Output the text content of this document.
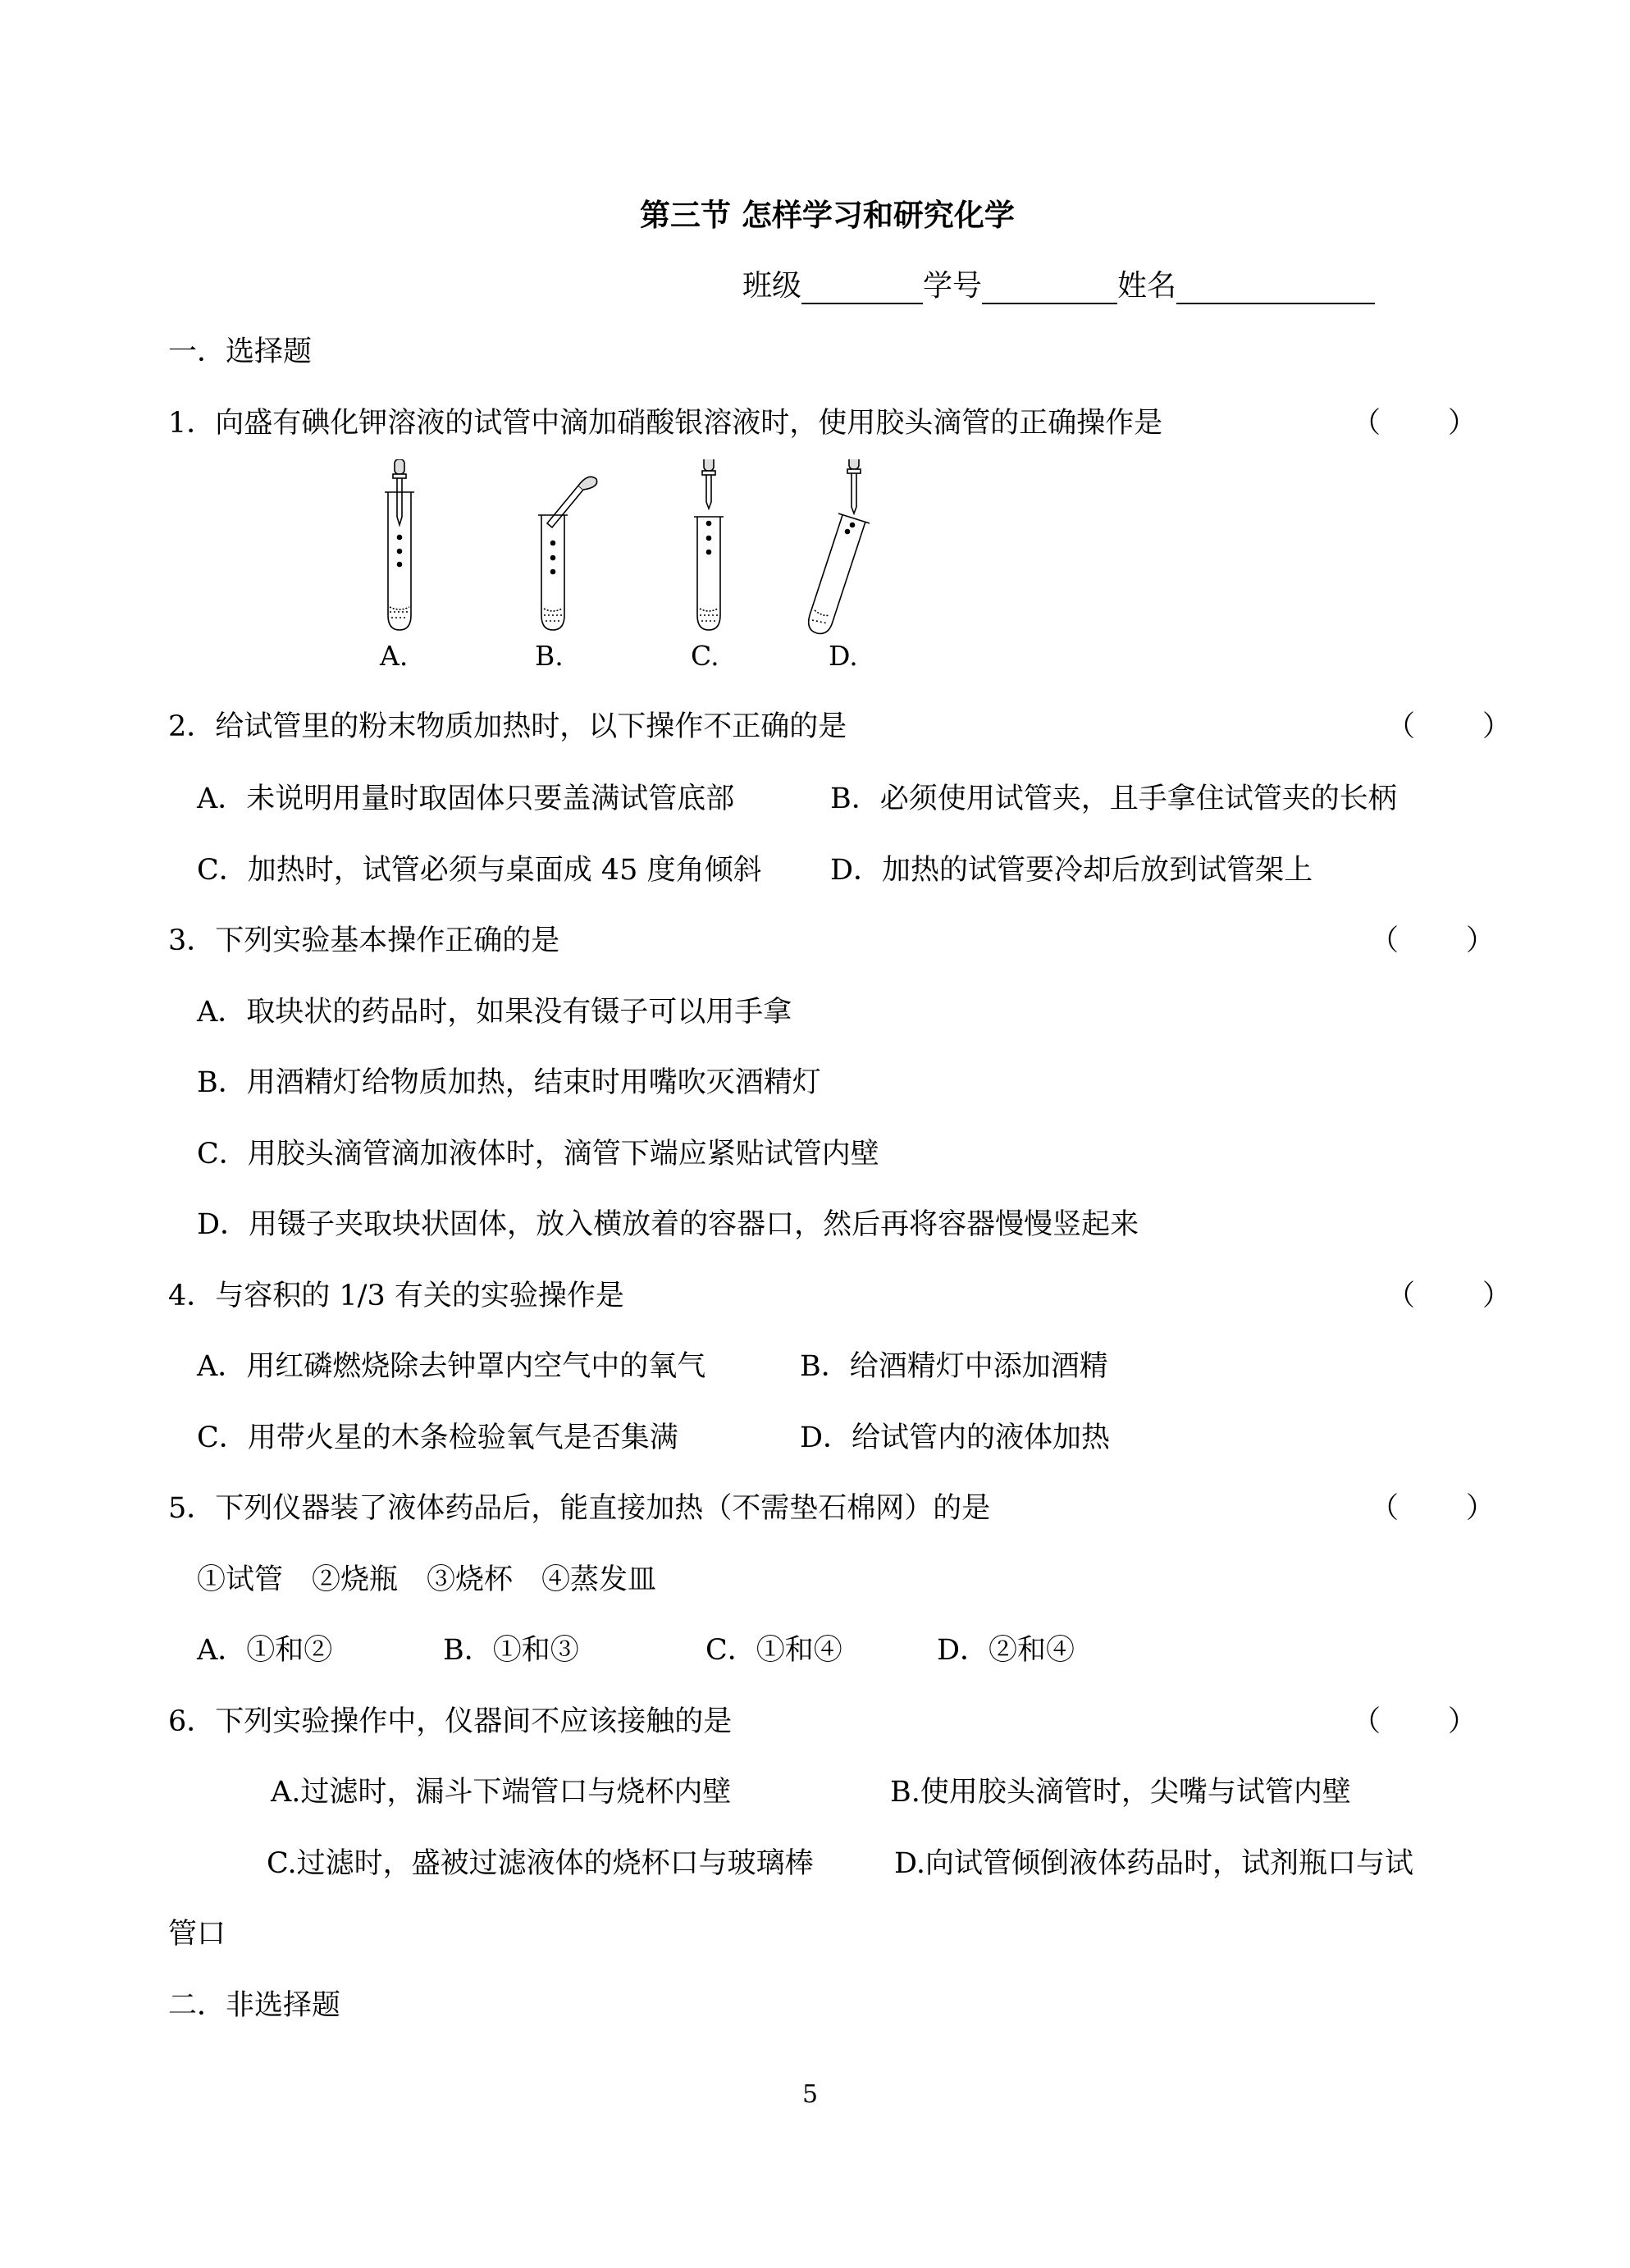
第三节 怎样学习和研究化学
班级	学号	姓名
一．选择题
1．向盛有碘化钾溶液的试管中滴加硝酸银溶液时，使用胶头滴管的正确操作是	（ ）
A.	B.	C.	D.
2．给试管里的粉末物质加热时，以下操作不正确的是	（ ）
A．未说明用量时取固体只要盖满试管底部	B．必须使用试管夹，且手拿住试管夹的长柄
C．加热时，试管必须与桌面成 45 度角倾斜 D．加热的试管要冷却后放到试管架上
3．下列实验基本操作正确的是	（ ）
A．取块状的药品时，如果没有镊子可以用手拿
B．用酒精灯给物质加热，结束时用嘴吹灭酒精灯
C．用胶头滴管滴加液体时，滴管下端应紧贴试管内壁
D．用镊子夹取块状固体，放入横放着的容器口，然后再将容器慢慢竖起来
4．与容积的 1/3 有关的实验操作是	（ ）
A．用红磷燃烧除去钟罩内空气中的氧气	B．给酒精灯中添加酒精
C．用带火星的木条检验氧气是否集满	D．给试管内的液体加热
5．下列仪器装了液体药品后，能直接加热（不需垫石棉网）的是	（ ）
①试管　②烧瓶　③烧杯　④蒸发皿
A．①和②	B．①和③	C．①和④	D．②和④
6．下列实验操作中，仪器间不应该接触的是	（ ）
A.过滤时，漏斗下端管口与烧杯内壁	B.使用胶头滴管时，尖嘴与试管内壁
C.过滤时，盛被过滤液体的烧杯口与玻璃棒	D.向试管倾倒液体药品时，试剂瓶口与试
管口
二．非选择题
5
